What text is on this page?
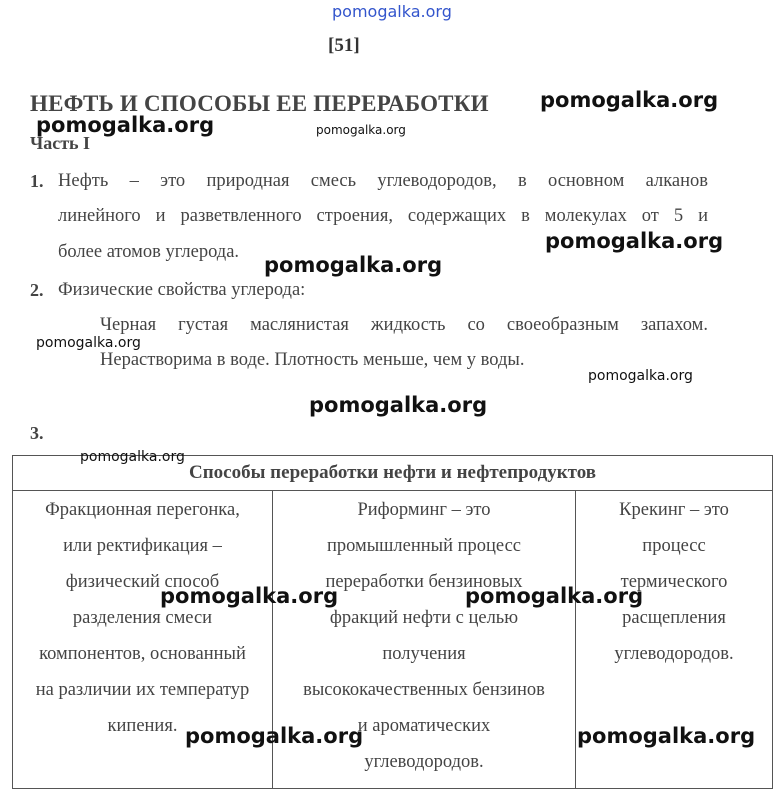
pomogalka.org
[51]
НЕФТЬ И СПОСОБЫ ЕЕ ПЕРЕРАБОТКИ
Часть I
1. Нефть – это природная смесь углеводородов, в основном алканов
линейного и разветвленного строения, содержащих в молекулах от 5 и
более атомов углерода.
2. Физические свойства углерода:
Черная густая маслянистая жидкость со своеобразным запахом.
Нерастворима в воде. Плотность меньше, чем у воды.
3.
Способы переработки нефти и нефтепродуктов

Фракционная перегонка,
или ректификация –
физический способ
разделения смеси
компонентов, основанный
на различии их температур
кипения.

Риформинг – это
промышленный процесс
переработки бензиновых
фракций нефти с целью
получения
высококачественных бензинов
и ароматических
углеводородов.

Крекинг – это
процесс
термического
расщепления
углеводородов.
pomogalka.org
pomogalka.org	pomogalka.org
pomogalka.org
pomogalka.org
pomogalka.org
pomogalka.org
pomogalka.org
pomogalka.org
pomogalka.org	pomogalka.org
pomogalka.org	pomogalka.org
